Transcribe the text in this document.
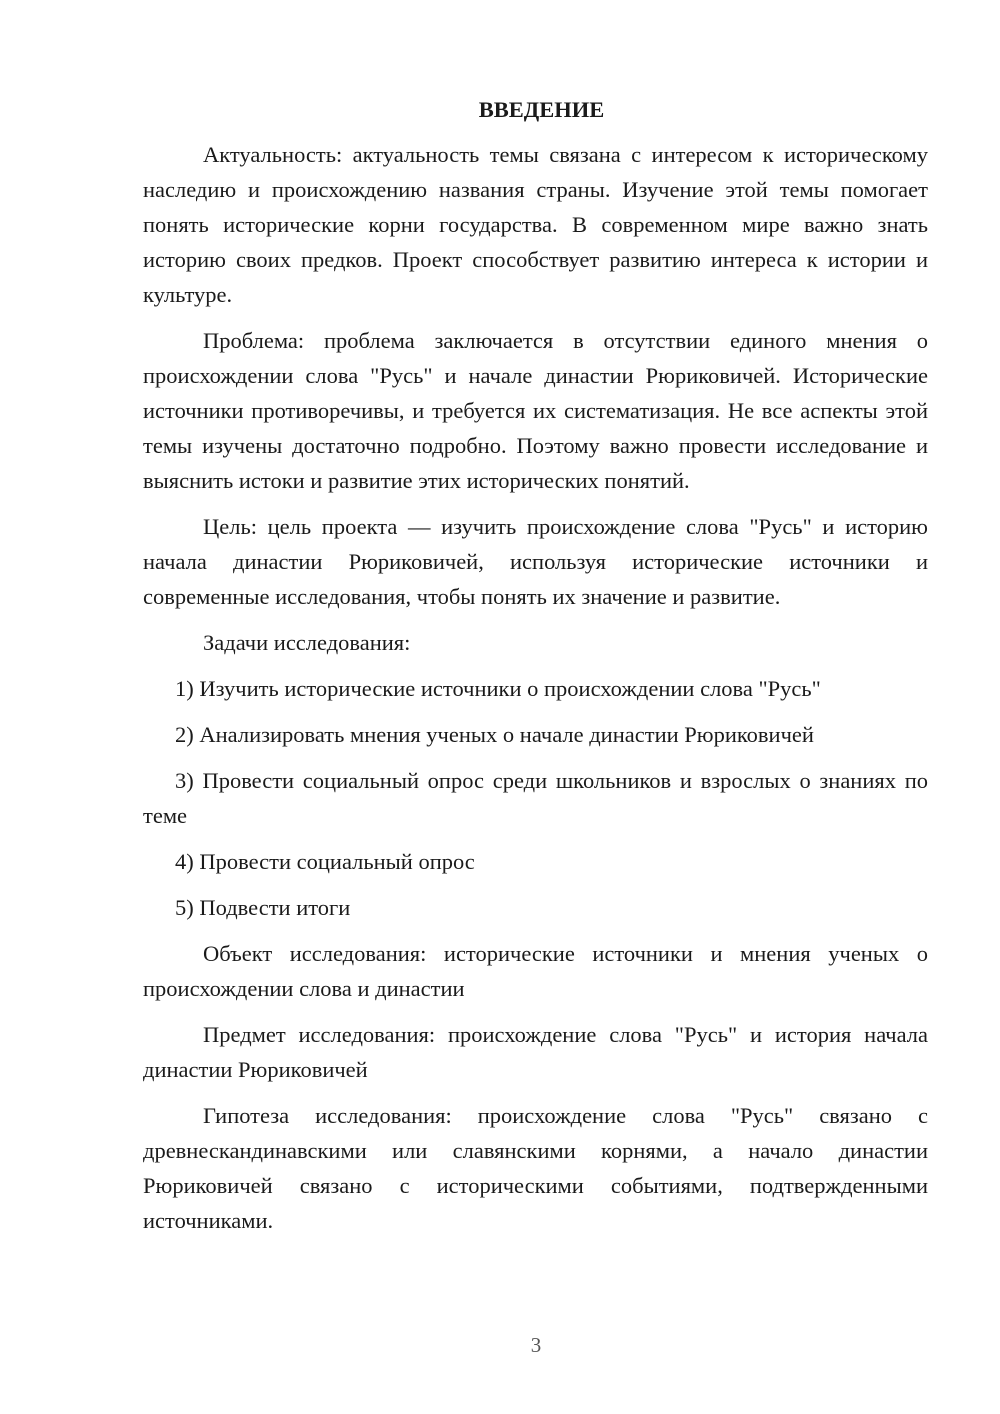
ВВЕДЕНИЕ

Актуальность: актуальность темы связана с интересом к историческому наследию и происхождению названия страны. Изучение этой темы помогает понять исторические корни государства. В современном мире важно знать историю своих предков. Проект способствует развитию интереса к истории и культуре.

Проблема: проблема заключается в отсутствии единого мнения о происхождении слова "Русь" и начале династии Рюриковичей. Исторические источники противоречивы, и требуется их систематизация. Не все аспекты этой темы изучены достаточно подробно. Поэтому важно провести исследование и выяснить истоки и развитие этих исторических понятий.

Цель: цель проекта — изучить происхождение слова "Русь" и историю начала династии Рюриковичей, используя исторические источники и современные исследования, чтобы понять их значение и развитие.

Задачи исследования:

1) Изучить исторические источники о происхождении слова "Русь"

2) Анализировать мнения ученых о начале династии Рюриковичей

3) Провести социальный опрос среди школьников и взрослых о знаниях по теме

4) Провести социальный опрос

5) Подвести итоги

Объект исследования: исторические источники и мнения ученых о происхождении слова и династии

Предмет исследования: происхождение слова "Русь" и история начала династии Рюриковичей

Гипотеза исследования: происхождение слова "Русь" связано с древнескандинавскими или славянскими корнями, а начало династии Рюриковичей связано с историческими событиями, подтвержденными источниками.

3
